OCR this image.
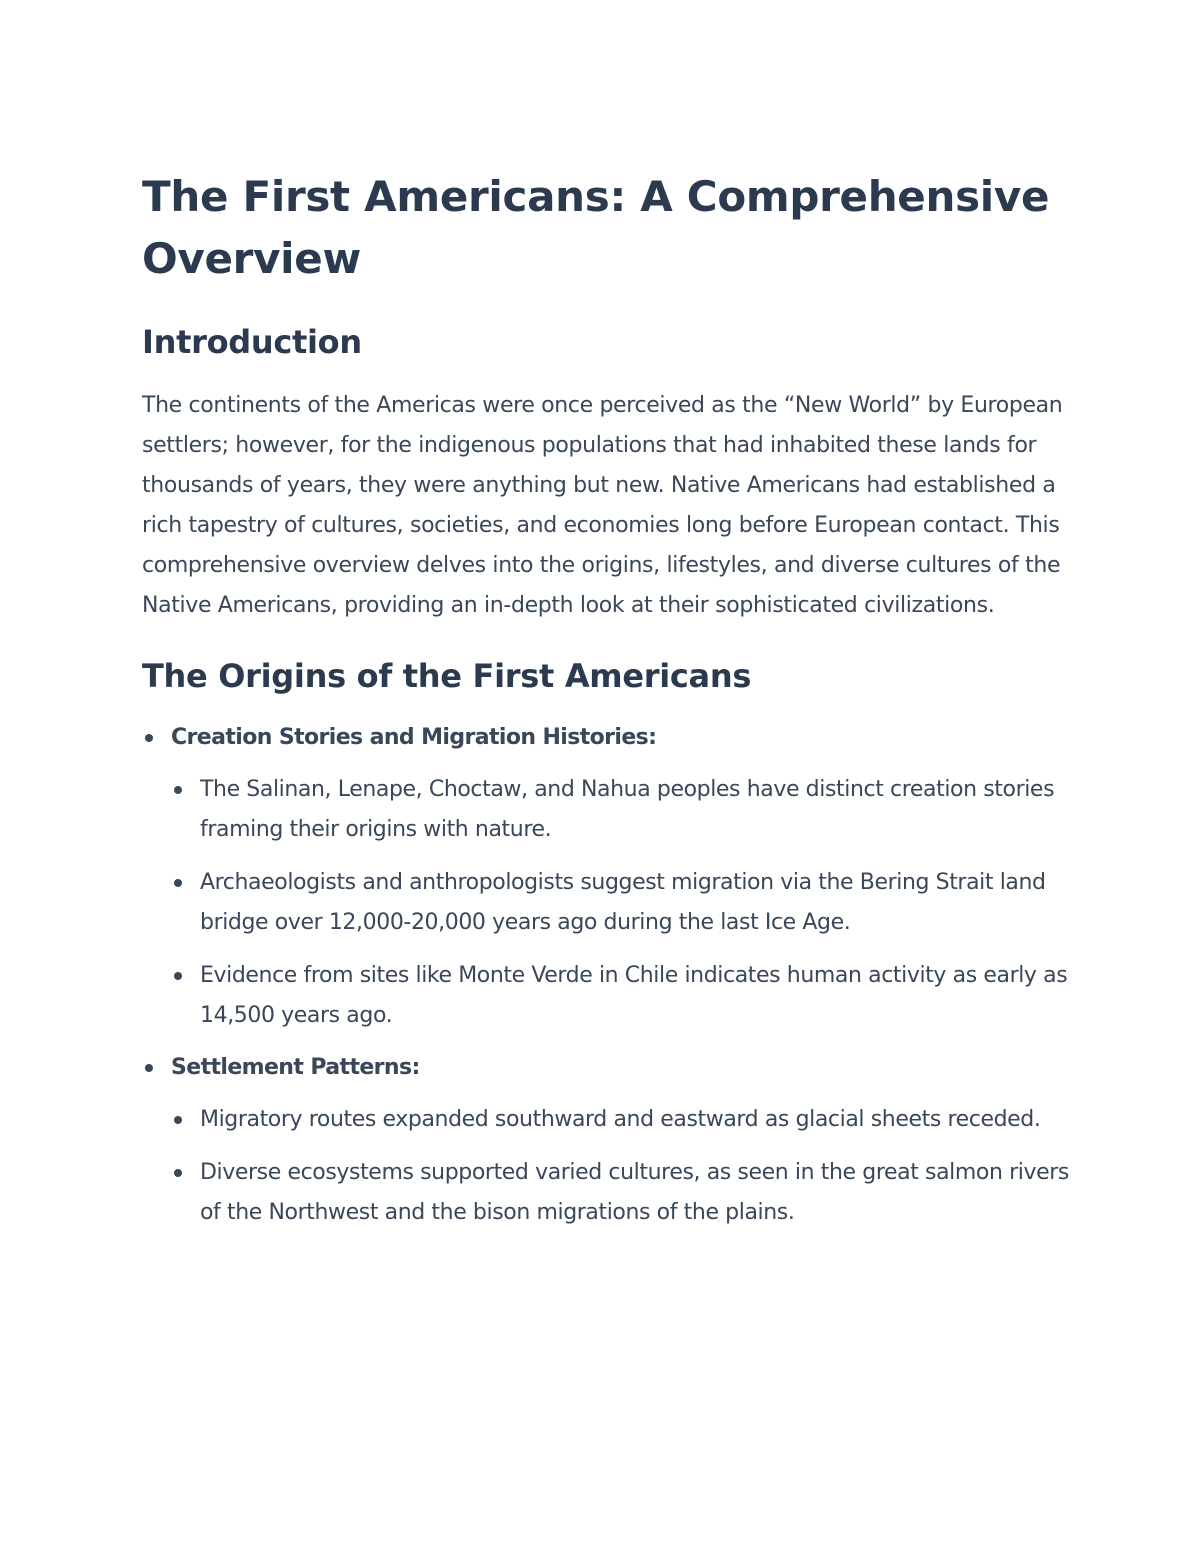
The First Americans: A Comprehensive Overview
Introduction

The continents of the Americas were once perceived as the “New World” by European settlers; however, for the indigenous populations that had inhabited these lands for thousands of years, they were anything but new. Native Americans had established a rich tapestry of cultures, societies, and economies long before European contact. This comprehensive overview delves into the origins, lifestyles, and diverse cultures of the Native Americans, providing an in-depth look at their sophisticated civilizations.

The Origins of the First Americans
Creation Stories and Migration Histories:
The Salinan, Lenape, Choctaw, and Nahua peoples have distinct creation stories framing their origins with nature.
Archaeologists and anthropologists suggest migration via the Bering Strait land bridge over 12,000-20,000 years ago during the last Ice Age.
Evidence from sites like Monte Verde in Chile indicates human activity as early as 14,500 years ago.
Settlement Patterns:
Migratory routes expanded southward and eastward as glacial sheets receded.
Diverse ecosystems supported varied cultures, as seen in the great salmon rivers of the Northwest and the bison migrations of the plains.
